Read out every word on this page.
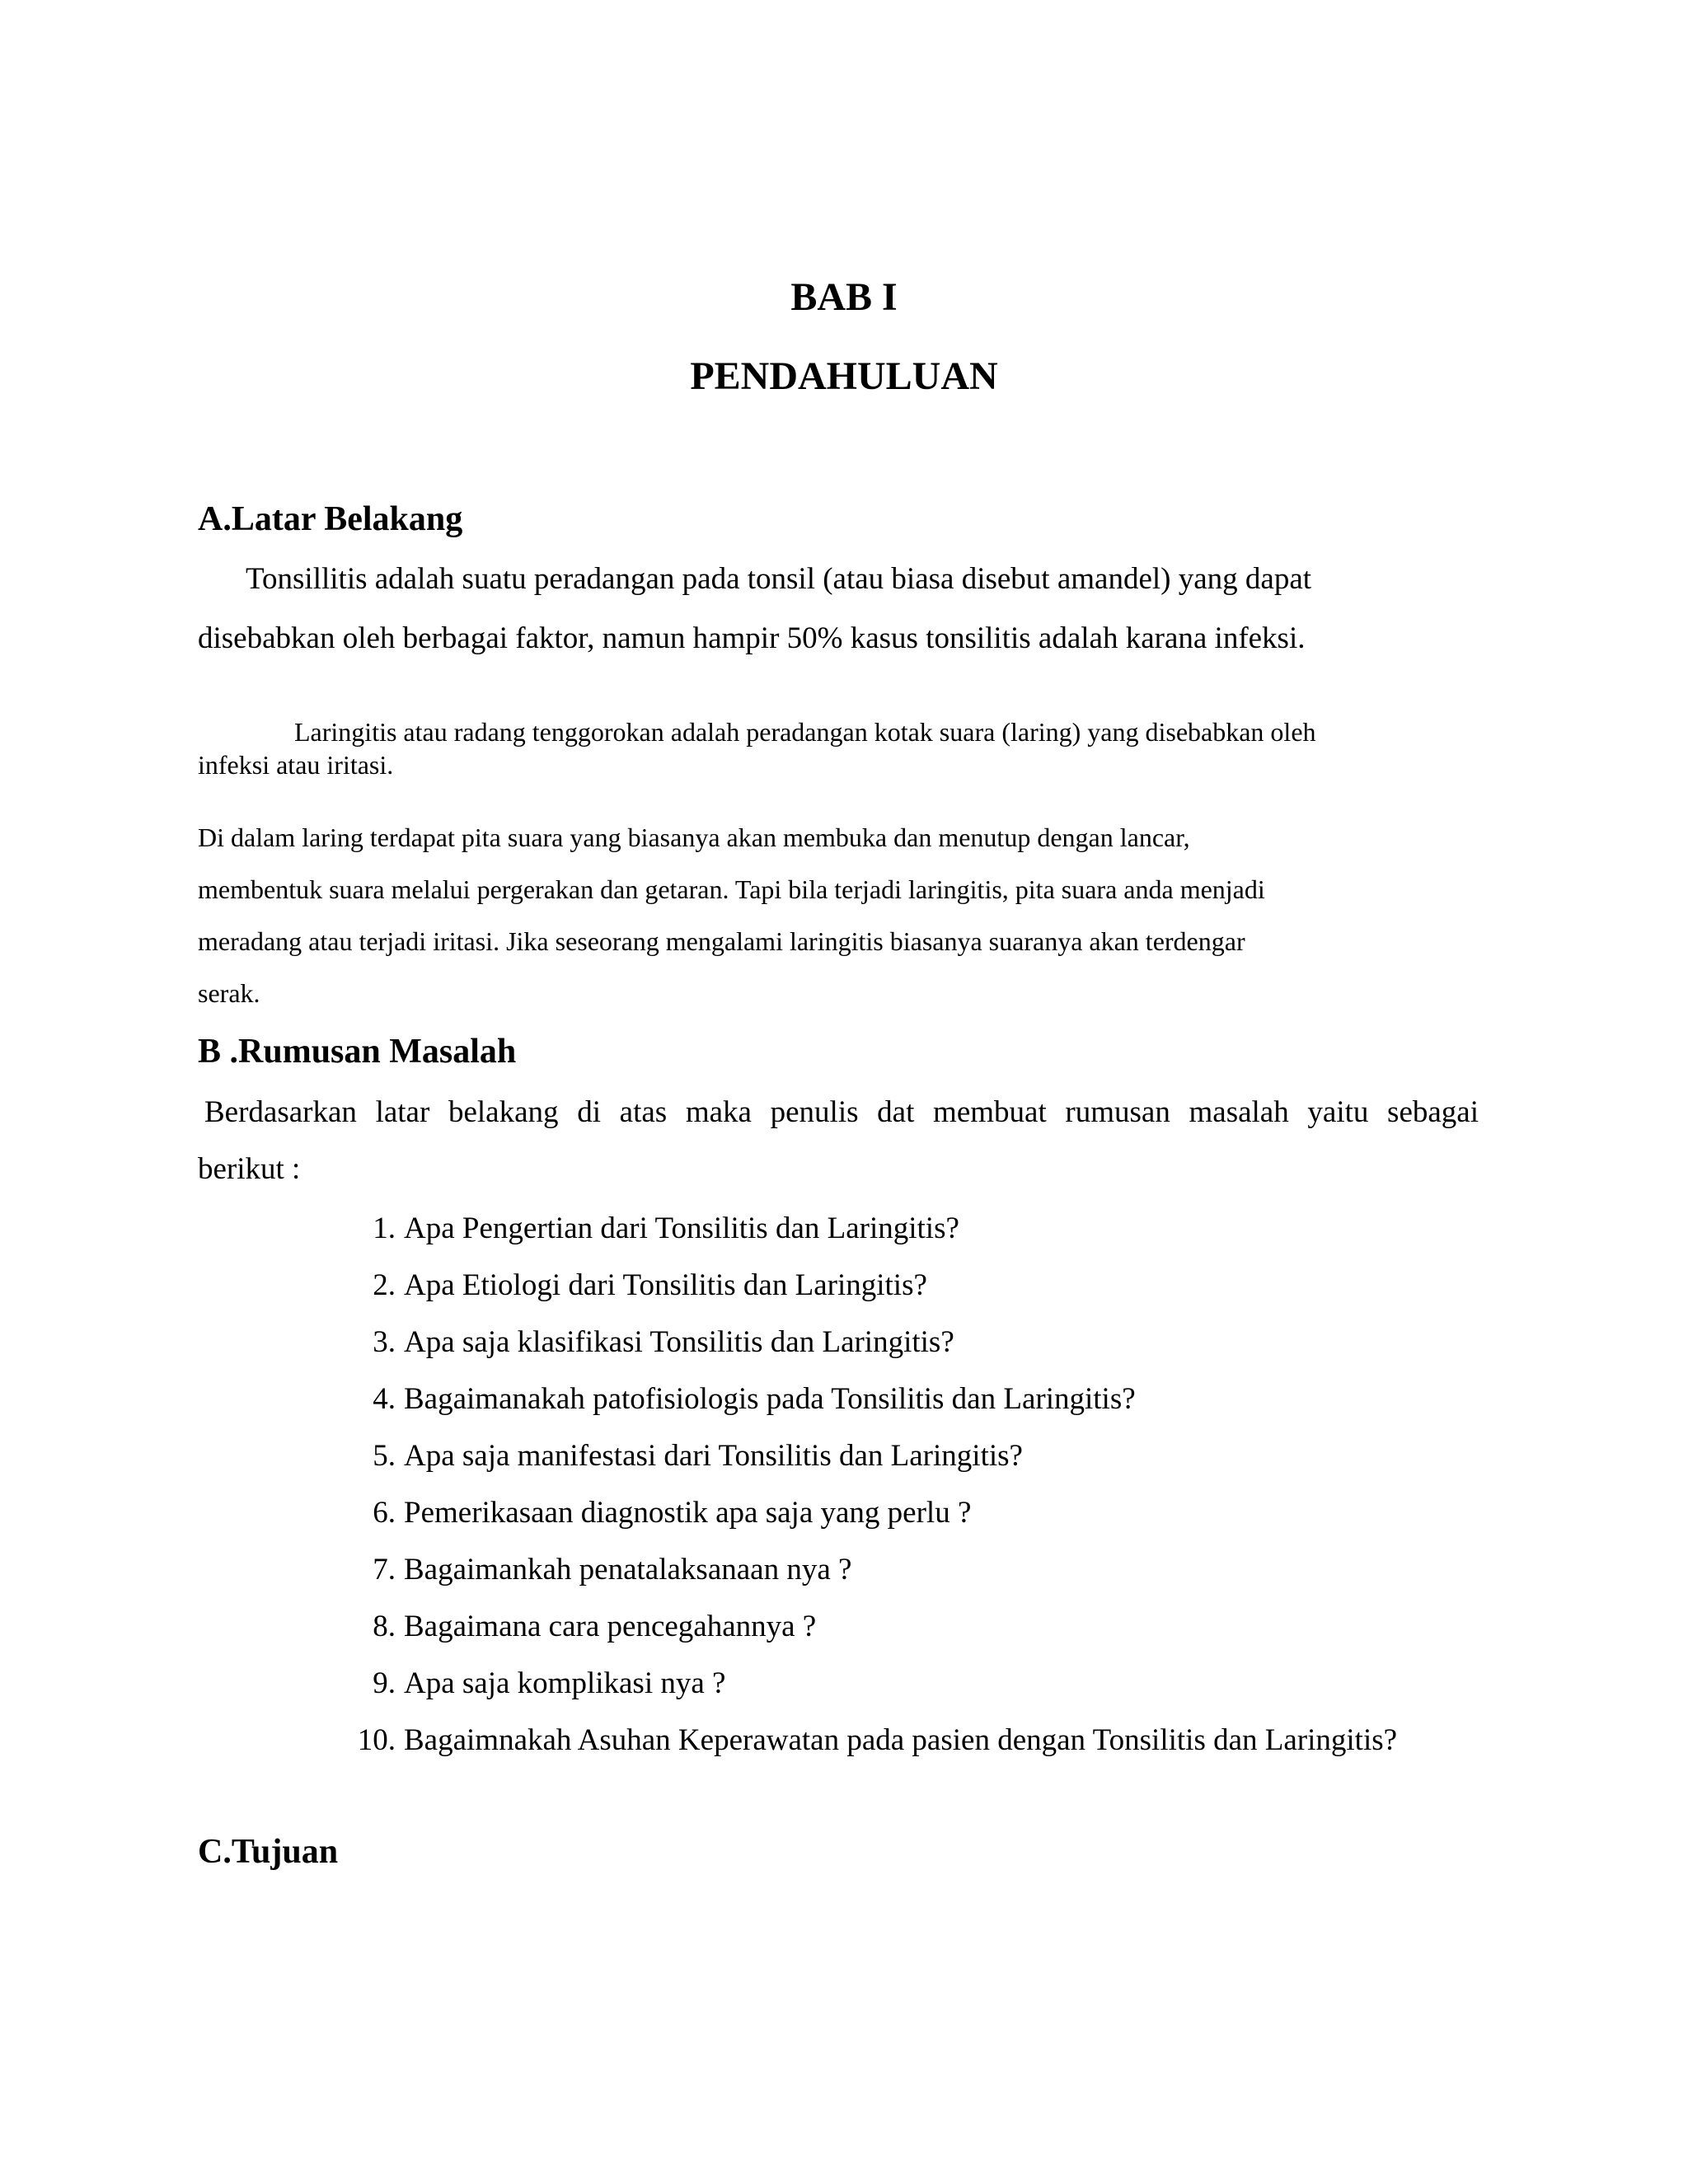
BAB I
PENDAHULUAN
A.Latar Belakang

Tonsillitis adalah suatu peradangan pada tonsil (atau biasa disebut amandel) yang dapat

disebabkan oleh berbagai faktor, namun hampir 50% kasus tonsilitis adalah karana infeksi.

Laringitis atau radang tenggorokan adalah peradangan kotak suara (laring) yang disebabkan oleh

infeksi atau iritasi.

Di dalam laring terdapat pita suara yang biasanya akan membuka dan menutup dengan lancar,

membentuk suara melalui pergerakan dan getaran. Tapi bila terjadi laringitis, pita suara anda menjadi

meradang atau terjadi iritasi. Jika seseorang mengalami laringitis biasanya suaranya akan terdengar

serak.

B .Rumusan Masalah

Berdasarkan latar belakang di atas maka penulis dat membuat rumusan masalah yaitu sebagai

berikut :

1. Apa Pengertian dari Tonsilitis dan Laringitis?
2. Apa Etiologi dari Tonsilitis dan Laringitis?
3. Apa saja klasifikasi Tonsilitis dan Laringitis?
4. Bagaimanakah patofisiologis pada Tonsilitis dan Laringitis?
5. Apa saja manifestasi dari Tonsilitis dan Laringitis?
6. Pemerikasaan diagnostik apa saja yang perlu ?
7. Bagaimankah penatalaksanaan nya ?
8. Bagaimana cara pencegahannya ?
9. Apa saja komplikasi nya ?
10. Bagaimnakah Asuhan Keperawatan pada pasien dengan Tonsilitis dan Laringitis?
C.Tujuan
